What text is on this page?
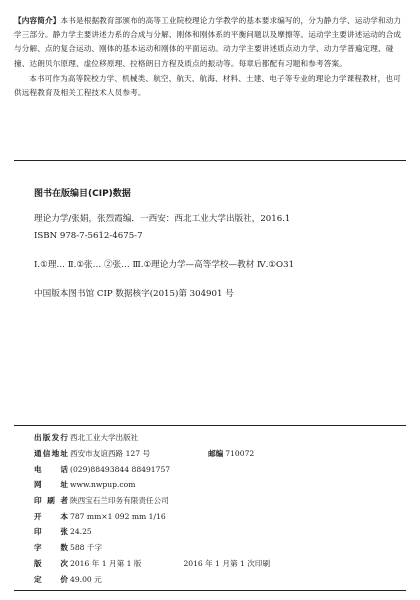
【内容简介】本书是根据教育部颁布的高等工业院校理论力学教学的基本要求编写的，分为静力学、运动学和动力学三部分。静力学主要讲述力系的合成与分解、刚体和刚体系的平衡问题以及摩擦等。运动学主要讲述运动的合成与分解、点的复合运动、刚体的基本运动和刚体的平面运动。动力学主要讲述质点动力学、动力学普遍定理、碰撞、达朗贝尔原理、虚位移原理、拉格朗日方程及质点的振动等。每章后都配有习题和参考答案。

本书可作为高等院校力学、机械类、航空、航天、航海、材料、土建、电子等专业的理论力学课程教材，也可供远程教育及相关工程技术人员参考。

图书在版编目(CIP)数据

理论力学/张娟，张烈霞编．一西安：西北工业大学出版社，2016.1

ISBN 978-7-5612-4675-7

Ⅰ.①理… Ⅱ.①张… ②张… Ⅲ.①理论力学—高等学校—教材 Ⅳ.①O31

中国版本图书馆 CIP 数据核字(2015)第 304901 号

出版发行 西北工业大学出版社
通信地址 西安市友谊西路 127 号	邮编 710072
电话 (029)88493844 88491757
网址 www.nwpup.com
印刷者 陕西宝石兰印务有限责任公司
开本 787 mm×1 092 mm 1/16
印张 24.25
字数 588 千字
版次 2016 年 1 月第 1 版	2016 年 1 月第 1 次印刷
定价 49.00 元
